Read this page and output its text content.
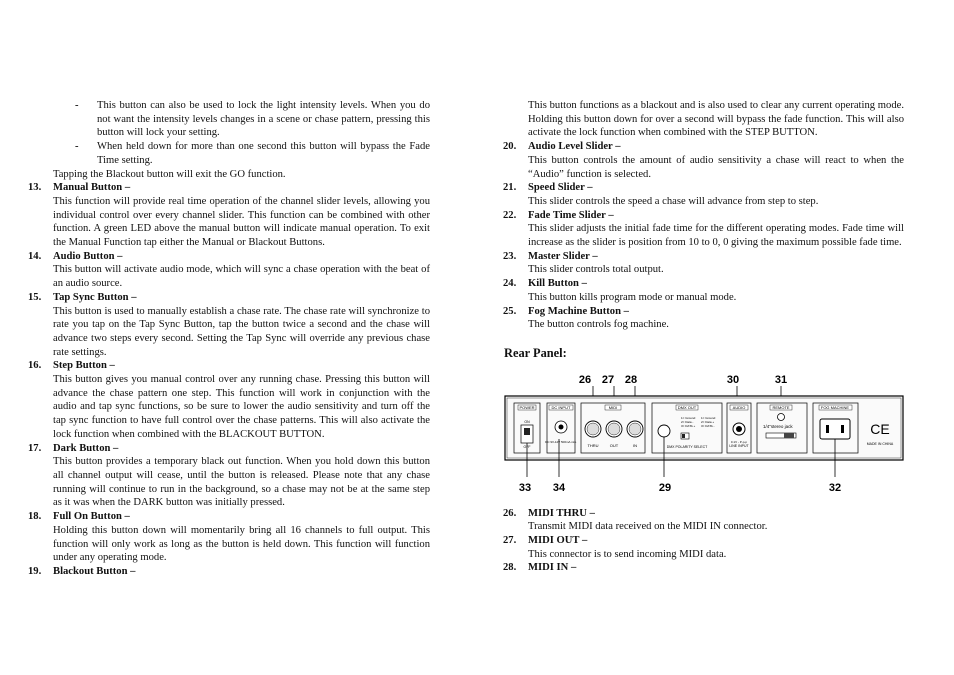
- This button can also be used to lock the light intensity levels. When you do not want the intensity levels changes in a scene or chase pattern, pressing this button will lock your setting.
- When held down for more than one second this button will bypass the Fade Time setting.
Tapping the Blackout button will exit the GO function.
13. Manual Button –
This function will provide real time operation of the channel slider levels, allowing you individual control over every channel slider. This function can be combined with other function. A green LED above the manual button will indicate manual operation. To exit the Manual Function tap either the Manual or Blackout Buttons.
14. Audio Button –
This button will activate audio mode, which will sync a chase operation with the beat of an audio source.
15. Tap Sync Button –
This button is used to manually establish a chase rate. The chase rate will synchronize to rate you tap on the Tap Sync Button, tap the button twice a second and the chase will advance two steps every second. Setting the Tap Sync will override any previous chase rate settings.
16. Step Button –
This button gives you manual control over any running chase. Pressing this button will advance the chase pattern one step. This function will work in conjunction with the audio and tap sync functions, so be sure to lower the audio sensitivity and turn off the tap sync function to have full control over the chase patterns. This will also activate the lock function when combined with the BLACKOUT BUTTON.
17. Dark Button –
This button provides a temporary black out function. When you hold down this button all channel output will cease, until the button is released. Please note that any chase running will continue to run in the background, so a chase may not be at the same step as it was when the DARK button was initially pressed.
18. Full On Button –
Holding this button down will momentarily bring all 16 channels to full output. This function will only work as long as the button is held down. This function will function under any operating mode.
19. Blackout Button –
This button functions as a blackout and is also used to clear any current operating mode. Holding this button down for over a second will bypass the fade function. This will also activate the lock function when combined with the STEP BUTTON.
20. Audio Level Slider –
This button controls the amount of audio sensitivity a chase will react to when the “Audio” function is selected.
21. Speed Slider –
This slider controls the speed a chase will advance from step to step.
22. Fade Time Slider –
This slider adjusts the initial fade time for the different operating modes. Fade time will increase as the slider is position from 10 to 0, 0 giving the maximum possible fade time.
23. Master Slider –
This slider controls total output.
24. Kill Button –
This button kills program mode or manual mode.
25. Fog Machine Button –
The button controls fog machine.
Rear Panel:
26 27 28	30	31
POWER	DC INPUT	MIDI	DMX OUT	AUDIO	REMOTE	FOG MACHINE
ON
OFF
DC 9V-12V 500mA min.
THRU	OUT	IN
1= Ground
2= Data -
3= DATA +
1= Ground
2= Data +
3= DATA -
DMX POLARITY SELECT
0.1V - P-p-p
LINE INPUT
1/4"stereo jack	CE
MADE IN CHINA
33 34	29	32
26. MIDI THRU –
Transmit MIDI data received on the MIDI IN connector.
27. MIDI OUT –
This connector is to send incoming MIDI data.
28. MIDI IN –
